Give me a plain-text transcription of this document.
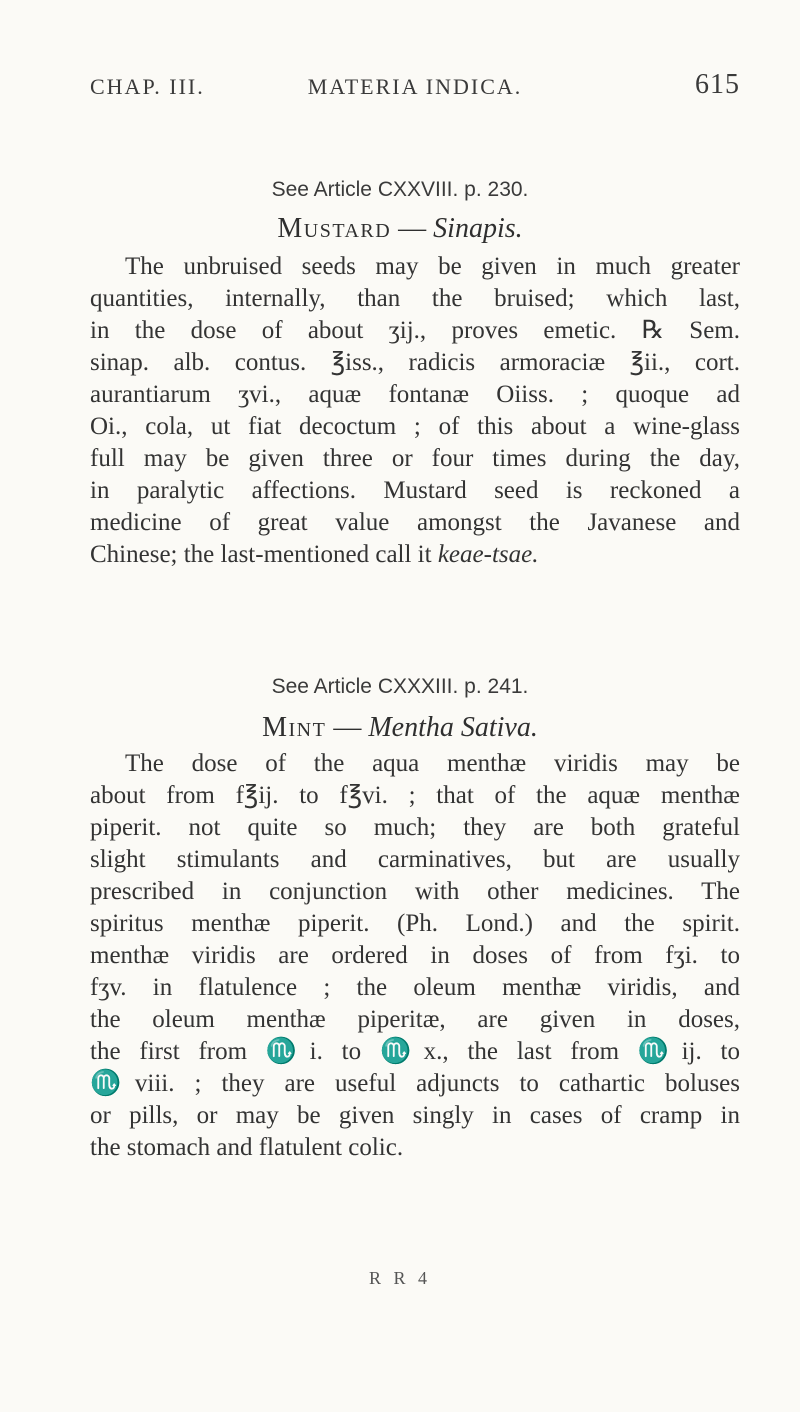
CHAP. III.	MATERIA INDICA.	615
See Article CXXVIII. p. 230.
Mustard — Sinapis.
The unbruised seeds may be given in much greater
quantities, internally, than the bruised; which last,
in the dose of about ʒij., proves emetic. ℞ Sem.
sinap. alb. contus. ℥iss., radicis armoraciæ ℥ii., cort.
aurantiarum ʒvi., aquæ fontanæ Oiiss. ; quoque ad
Oi., cola, ut fiat decoctum ; of this about a wine-glass
full may be given three or four times during the day,
in paralytic affections. Mustard seed is reckoned a
medicine of great value amongst the Javanese and
Chinese; the last-mentioned call it keae-tsae.
See Article CXXXIII. p. 241.
Mint — Mentha Sativa.
The dose of the aqua menthæ viridis may be
about from f℥ij. to f℥vi. ; that of the aquæ menthæ
piperit. not quite so much; they are both grateful
slight stimulants and carminatives, but are usually
prescribed in conjunction with other medicines. The
spiritus menthæ piperit. (Ph. Lond.) and the spirit.
menthæ viridis are ordered in doses of from fʒi. to
fʒv. in flatulence ; the oleum menthæ viridis, and
the oleum menthæ piperitæ, are given in doses,
the first from ♏i. to ♏x., the last from ♏ij. to
♏viii. ; they are useful adjuncts to cathartic boluses
or pills, or may be given singly in cases of cramp in
the stomach and flatulent colic.
R R 4
